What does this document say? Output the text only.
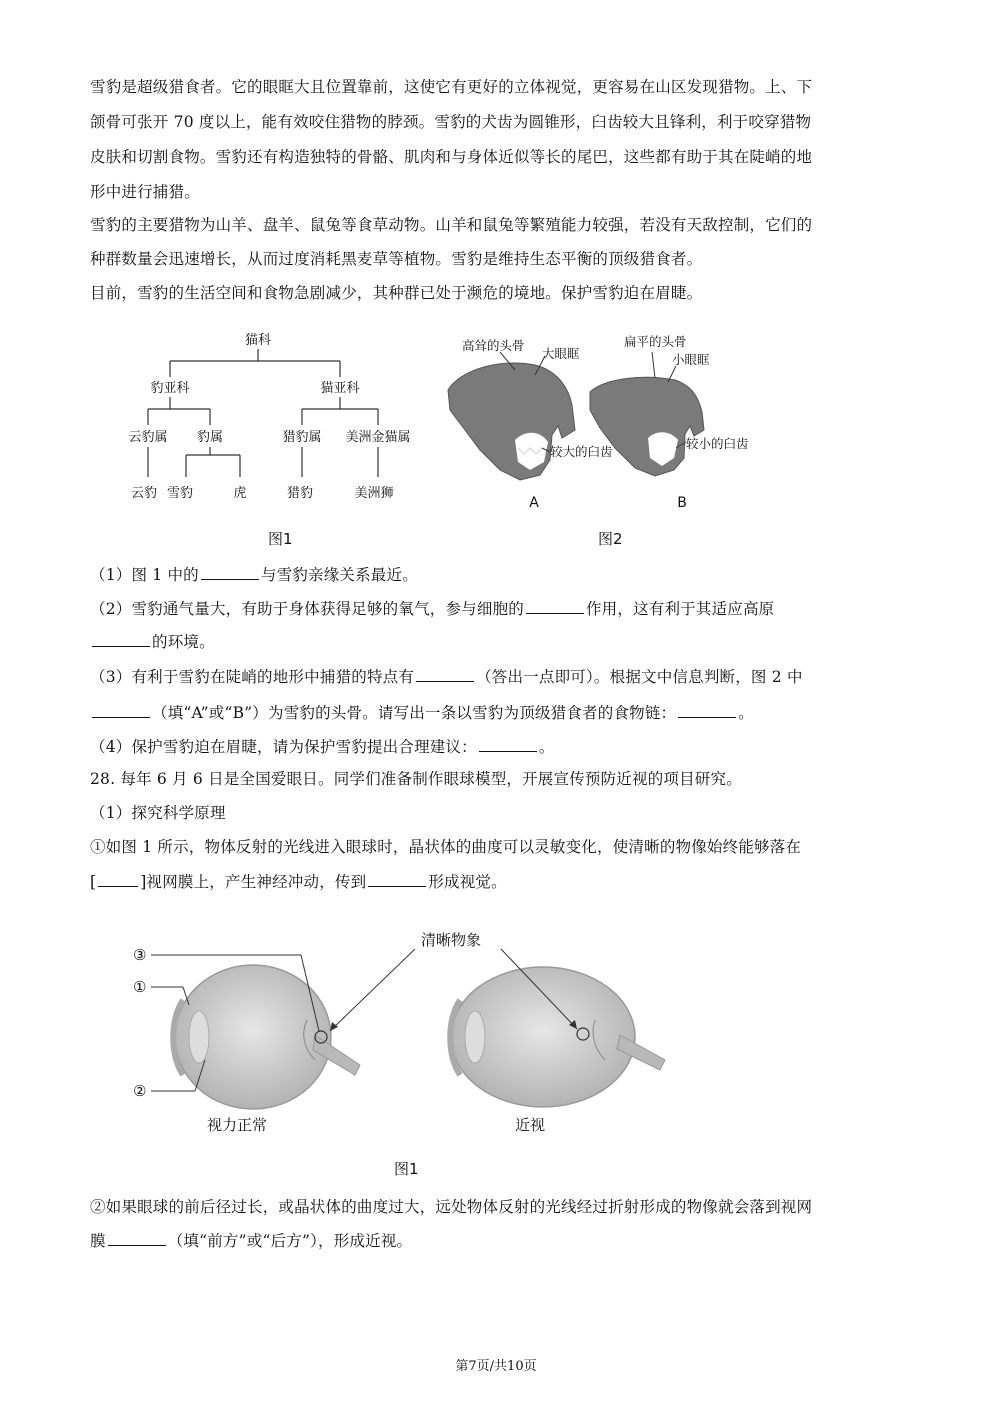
雪豹是超级猎食者。它的眼眶大且位置靠前，这使它有更好的立体视觉，更容易在山区发现猎物。上、下
颌骨可张开 70 度以上，能有效咬住猎物的脖颈。雪豹的犬齿为圆锥形，臼齿较大且锋利，利于咬穿猎物
皮肤和切割食物。雪豹还有构造独特的骨骼、肌肉和与身体近似等长的尾巴，这些都有助于其在陡峭的地
形中进行捕猎。
雪豹的主要猎物为山羊、盘羊、鼠兔等食草动物。山羊和鼠兔等繁殖能力较强，若没有天敌控制，它们的
种群数量会迅速增长，从而过度消耗黑麦草等植物。雪豹是维持生态平衡的顶级猎食者。
目前，雪豹的生活空间和食物急剧减少，其种群已处于濒危的境地。保护雪豹迫在眉睫。
猫科
豹亚科	猫亚科
云豹属 豹属	猎豹属 美洲金猫属
云豹 雪豹	虎	猎豹	美洲狮
图1
高耸的头骨
大眼眶
较大的臼齿
扁平的头骨
小眼眶
较小的臼齿
A	B
图2
（1）图 1 中的	与雪豹亲缘关系最近。
（2）雪豹通气量大，有助于身体获得足够的氧气，参与细胞的	作用，这有利于其适应高原
的环境。
（3）有利于雪豹在陡峭的地形中捕猎的特点有	（答出一点即可）。根据文中信息判断，图 2 中
（填“A”或“B”）为雪豹的头骨。请写出一条以雪豹为顶级猎食者的食物链：	。
（4）保护雪豹迫在眉睫，请为保护雪豹提出合理建议：	。
28. 每年 6 月 6 日是全国爱眼日。同学们准备制作眼球模型，开展宣传预防近视的项目研究。
（1）探究科学原理
①如图 1 所示，物体反射的光线进入眼球时，晶状体的曲度可以灵敏变化，使清晰的物像始终能够落在
[	]视网膜上，产生神经冲动，传到	形成视觉。
③
①
②
清晰物象
视力正常	近视
图1
②如果眼球的前后径过长，或晶状体的曲度过大，远处物体反射的光线经过折射形成的物像就会落到视网
膜	（填“前方”或“后方”），形成近视。
第7页/共10页
